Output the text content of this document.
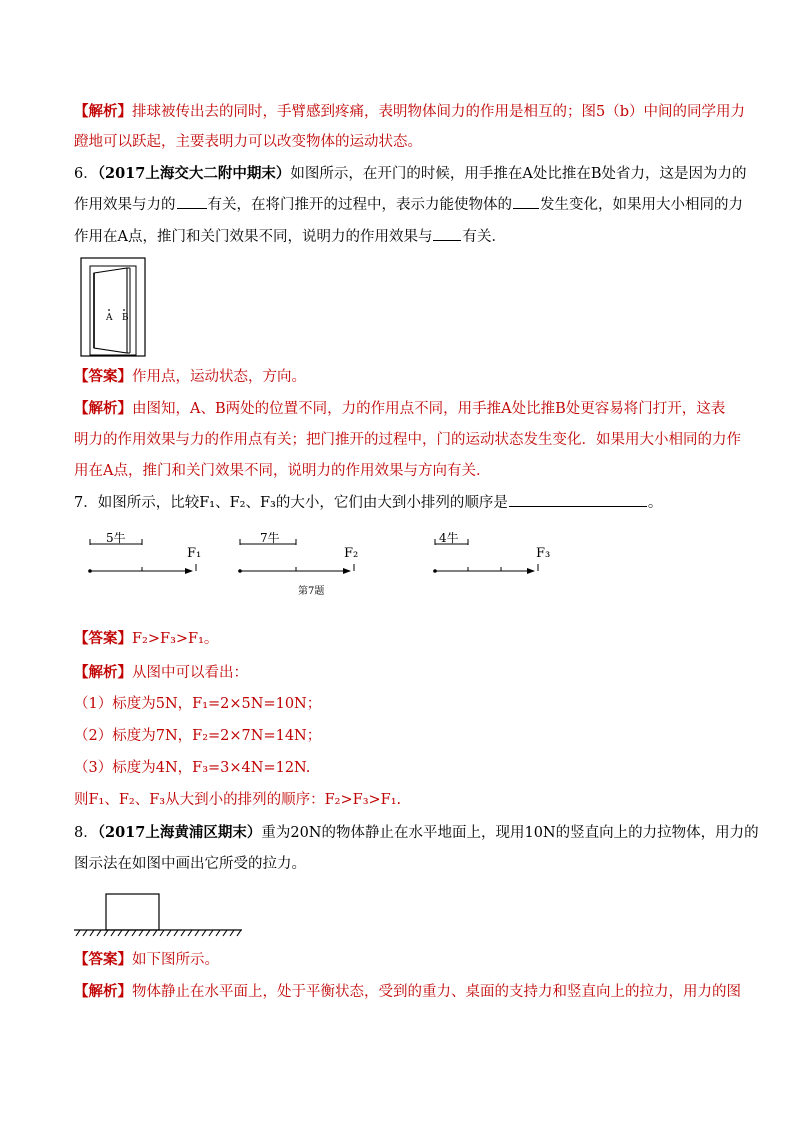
【解析】排球被传出去的同时，手臂感到疼痛，表明物体间力的作用是相互的；图5（b）中间的同学用力
蹬地可以跃起，主要表明力可以改变物体的运动状态。
6．（2017上海交大二附中期末）如图所示，在开门的时候，用手推在A处比推在B处省力，这是因为力的
作用效果与力的 有关，在将门推开的过程中，表示力能使物体的 发生变化，如果用大小相同的力
作用在A点，推门和关门效果不同，说明力的作用效果与 有关．
A B
【答案】作用点，运动状态，方向。
【解析】由图知，A、B两处的位置不同，力的作用点不同，用手推A处比推B处更容易将门打开，这表
明力的作用效果与力的作用点有关；把门推开的过程中，门的运动状态发生变化．如果用大小相同的力作
用在A点，推门和关门效果不同，说明力的作用效果与方向有关．
7．如图所示，比较F₁、F₂、F₃的大小，它们由大到小排列的顺序是	。
5牛
F₁
7牛
F₂
4牛
F₃
第7题
【答案】F₂>F₃>F₁。
【解析】从图中可以看出：
（1）标度为5N，F₁=2×5N=10N；
（2）标度为7N，F₂=2×7N=14N；
（3）标度为4N，F₃=3×4N=12N.
则F₁、F₂、F₃从大到小的排列的顺序：F₂>F₃>F₁.
8．（2017上海黄浦区期末）重为20N的物体静止在水平地面上，现用10N的竖直向上的力拉物体，用力的
图示法在如图中画出它所受的拉力。
【答案】如下图所示。
【解析】物体静止在水平面上，处于平衡状态，受到的重力、桌面的支持力和竖直向上的拉力，用力的图
